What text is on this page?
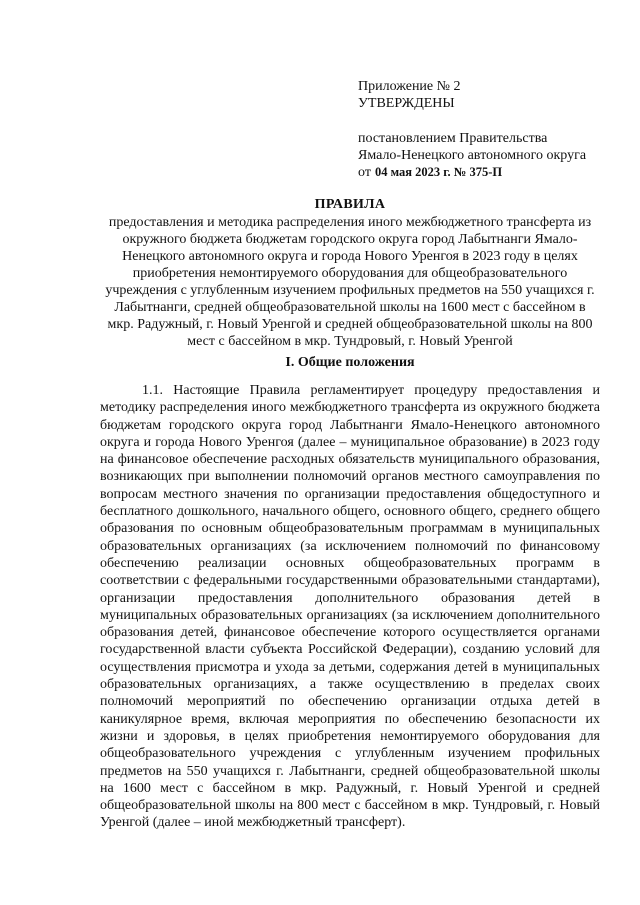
Приложение № 2
УТВЕРЖДЕНЫ
постановлением Правительства
Ямало-Ненецкого автономного округа
от 04 мая 2023 г. № 375-П
ПРАВИЛА
предоставления и методика распределения иного межбюджетного трансферта из окружного бюджета бюджетам городского округа город Лабытнанги Ямало-Ненецкого автономного округа и города Нового Уренгоя в 2023 году в целях приобретения немонтируемого оборудования для общеобразовательного учреждения с углубленным изучением профильных предметов на 550 учащихся г. Лабытнанги, средней общеобразовательной школы на 1600 мест с бассейном в мкр. Радужный, г. Новый Уренгой и средней общеобразовательной школы на 800 мест с бассейном в мкр. Тундровый, г. Новый Уренгой
I. Общие положения

1.1. Настоящие Правила регламентирует процедуру предоставления и методику распределения иного межбюджетного трансферта из окружного бюджета бюджетам городского округа город Лабытнанги Ямало-Ненецкого автономного округа и города Нового Уренгоя (далее – муниципальное образование) в 2023 году на финансовое обеспечение расходных обязательств муниципального образования, возникающих при выполнении полномочий органов местного самоуправления по вопросам местного значения по организации предоставления общедоступного и бесплатного дошкольного, начального общего, основного общего, среднего общего образования по основным общеобразовательным программам в муниципальных образовательных организациях (за исключением полномочий по финансовому обеспечению реализации основных общеобразовательных программ в соответствии с федеральными государственными образовательными стандартами), организации предоставления дополнительного образования детей в муниципальных образовательных организациях (за исключением дополнительного образования детей, финансовое обеспечение которого осуществляется органами государственной власти субъекта Российской Федерации), созданию условий для осуществления присмотра и ухода за детьми, содержания детей в муниципальных образовательных организациях, а также осуществлению в пределах своих полномочий мероприятий по обеспечению организации отдыха детей в каникулярное время, включая мероприятия по обеспечению безопасности их жизни и здоровья, в целях приобретения немонтируемого оборудования для общеобразовательного учреждения с углубленным изучением профильных предметов на 550 учащихся г. Лабытнанги, средней общеобразовательной школы на 1600 мест с бассейном в мкр. Радужный, г. Новый Уренгой и средней общеобразовательной школы на 800 мест с бассейном в мкр. Тундровый, г. Новый Уренгой (далее – иной межбюджетный трансферт).
